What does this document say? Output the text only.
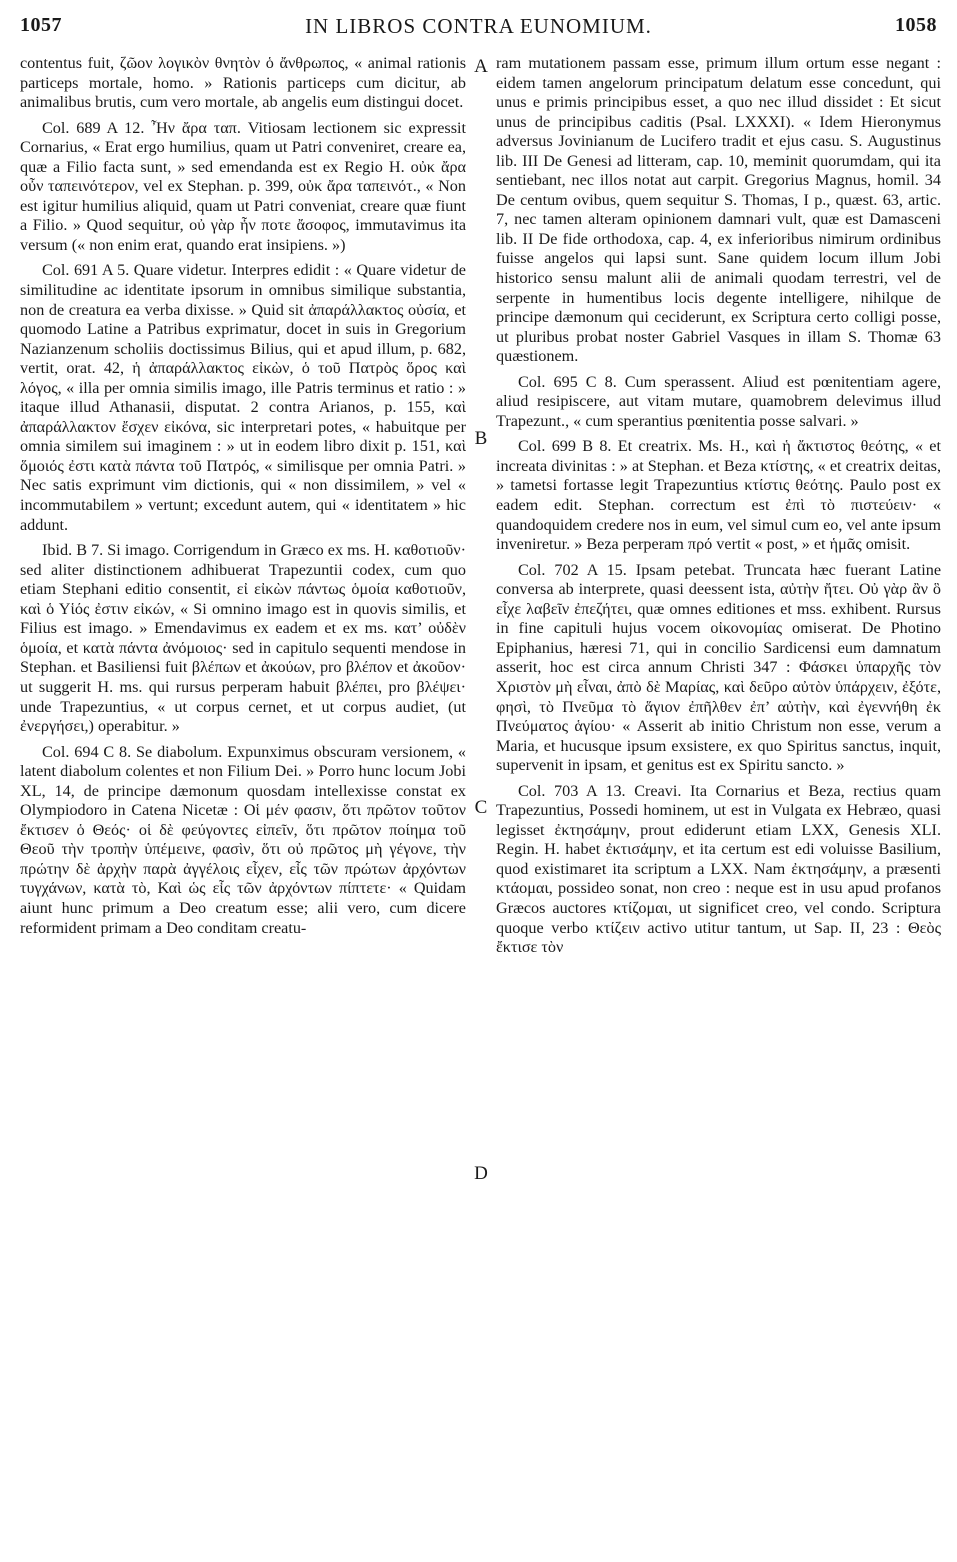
1057	IN LIBROS CONTRA EUNOMIUM.	1058

contentus fuit, ζῶον λογικὸν θνητὸν ὁ ἄνθρωπος, « animal rationis particeps mortale, homo. » Rationis particeps cum dicitur, ab animalibus brutis, cum vero mortale, ab angelis eum distingui docet.

Col. 689 A 12. Ἦν ἄρα ταπ. Vitiosam lectionem sic expressit Cornarius, « Erat ergo humilius, quam ut Patri conveniret, creare ea, quæ a Filio facta sunt, » sed emendanda est ex Regio H. οὐκ ἄρα οὖν ταπεινότερον, vel ex Stephan. p. 399, οὐκ ἄρα ταπεινότ., « Non est igitur humilius aliquid, quam ut Patri conveniat, creare quæ fiunt a Filio. » Quod sequitur, οὐ γὰρ ἦν ποτε ἄσοφος, immutavimus ita versum (« non enim erat, quando erat insipiens. »)

Col. 691 A 5. Quare videtur. Interpres edidit : « Quare videtur de similitudine ac identitate ipsorum in omnibus similique substantia, non de creatura ea verba dixisse. » Quid sit ἀπαράλλακτος οὐσία, et quomodo Latine a Patribus exprimatur, docet in suis in Gregorium Nazianzenum scholiis doctissimus Bilius, qui et apud illum, p. 682, vertit, orat. 42, ἡ ἀπαράλλακτος εἰκὼν, ὁ τοῦ Πατρὸς ὅρος καὶ λόγος, « illa per omnia similis imago, ille Patris terminus et ratio : » itaque illud Athanasii, disputat. 2 contra Arianos, p. 155, καὶ ἀπαράλλακτον ἔσχεν εἰκόνα, sic interpretari potes, « habuitque per omnia similem sui imaginem : » ut in eodem libro dixit p. 151, καὶ ὅμοιός ἐστι κατὰ πάντα τοῦ Πατρός, « similisque per omnia Patri. » Nec satis exprimunt vim dictionis, qui « non dissimilem, » vel « incommutabilem » vertunt; excedunt autem, qui « identitatem » hic addunt.

Ibid. B 7. Si imago. Corrigendum in Græco ex ms. H. καθοτιοῦν· sed aliter distinctionem adhibuerat Trapezuntii codex, cum quo etiam Stephani editio consentit, εἰ εἰκὼν πάντως ὁμοία καθοτιοῦν, καὶ ὁ Υἱός ἐστιν εἰκών, « Si omnino imago est in quovis similis, et Filius est imago. » Emendavimus ex eadem et ex ms. κατ’ οὐδὲν ὁμοία, et κατὰ πάντα ἀνόμοιος· sed in capitulo sequenti mendose in Stephan. et Basiliensi fuit βλέπων et ἀκούων, pro βλέπον et ἀκοῦον· ut suggerit H. ms. qui rursus perperam habuit βλέπει, pro βλέψει· unde Trapezuntius, « ut corpus cernet, et ut corpus audiet, (ut ἐνεργήσει,) operabitur. »

Col. 694 C 8. Se diabolum. Expunximus obscuram versionem, « latent diabolum colentes et non Filium Dei. » Porro hunc locum Jobi XL, 14, de principe dæmonum quosdam intellexisse constat ex Olympiodoro in Catena Nicetæ : Οἱ μέν φασιν, ὅτι πρῶτον τοῦτον ἔκτισεν ὁ Θεός· οἱ δὲ φεύγοντες εἰπεῖν, ὅτι πρῶτον ποίημα τοῦ Θεοῦ τὴν τροπὴν ὑπέμεινε, φασὶν, ὅτι οὐ πρῶτος μὴ γέγονε, τὴν πρώτην δὲ ἀρχὴν παρὰ ἀγγέλοις εἶχεν, εἷς τῶν πρώτων ἀρχόντων τυγχάνων, κατὰ τὸ, Καὶ ὡς εἷς τῶν ἀρχόντων πίπτετε· « Quidam aiunt hunc primum a Deo creatum esse; alii vero, cum dicere reformident primam a Deo conditam creatu-

A
B
C
D

ram mutationem passam esse, primum illum ortum esse negant : eidem tamen angelorum principatum delatum esse concedunt, qui unus e primis principibus esset, a quo nec illud dissidet : Et sicut unus de principibus caditis (Psal. LXXXI). « Idem Hieronymus adversus Jovinianum de Lucifero tradit et ejus casu. S. Augustinus lib. III De Genesi ad litteram, cap. 10, meminit quorumdam, qui ita sentiebant, nec illos notat aut carpit. Gregorius Magnus, homil. 34 De centum ovibus, quem sequitur S. Thomas, I p., quæst. 63, artic. 7, nec tamen alteram opinionem damnari vult, quæ est Damasceni lib. II De fide orthodoxa, cap. 4, ex inferioribus nimirum ordinibus fuisse angelos qui lapsi sunt. Sane quidem locum illum Jobi historico sensu malunt alii de animali quodam terrestri, vel de serpente in humentibus locis degente intelligere, nihilque de principe dæmonum qui ceciderunt, ex Scriptura certo colligi posse, ut pluribus probat noster Gabriel Vasques in illam S. Thomæ 63 quæstionem.

Col. 695 C 8. Cum sperassent. Aliud est pœnitentiam agere, aliud resipiscere, aut vitam mutare, quamobrem delevimus illud Trapezunt., « cum sperantius pœnitentia posse salvari. »

Col. 699 B 8. Et creatrix. Ms. H., καὶ ἡ ἄκτιστος θεότης, « et increata divinitas : » at Stephan. et Beza κτίστης, « et creatrix deitas, » tametsi fortasse legit Trapezuntius κτίστις θεότης. Paulo post ex eadem edit. Stephan. correctum est ἐπὶ τὸ πιστεύειν· « quandoquidem credere nos in eum, vel simul cum eo, vel ante ipsum inveniretur. » Beza perperam πρό vertit « post, » et ἡμᾶς omisit.

Col. 702 A 15. Ipsam petebat. Truncata hæc fuerant Latine conversa ab interprete, quasi deessent ista, αὐτὴν ἤτει. Οὐ γὰρ ἂν ὃ εἶχε λαβεῖν ἐπεζήτει, quæ omnes editiones et mss. exhibent. Rursus in fine capituli hujus vocem οἰκονομίας omiserat. De Photino Epiphanius, hæresi 71, qui in concilio Sardicensi eum damnatum asserit, hoc est circa annum Christi 347 : Φάσκει ὑπαρχῆς τὸν Χριστὸν μὴ εἶναι, ἀπὸ δὲ Μαρίας, καὶ δεῦρο αὐτὸν ὑπάρχειν, ἐξότε, φησὶ, τὸ Πνεῦμα τὸ ἅγιον ἐπῆλθεν ἐπ’ αὐτὴν, καὶ ἐγεννήθη ἐκ Πνεύματος ἁγίου· « Asserit ab initio Christum non esse, verum a Maria, et hucusque ipsum exsistere, ex quo Spiritus sanctus, inquit, supervenit in ipsam, et genitus est ex Spiritu sancto. »

Col. 703 A 13. Creavi. Ita Cornarius et Beza, rectius quam Trapezuntius, Possedi hominem, ut est in Vulgata ex Hebræo, quasi legisset ἐκτησάμην, prout ediderunt etiam LXX, Genesis XLI. Regin. H. habet ἐκτισάμην, et ita certum est edi voluisse Basilium, quod existimaret ita scriptum a LXX. Nam ἐκτησάμην, a præsenti κτάομαι, possideo sonat, non creo : neque est in usu apud profanos Græcos auctores κτίζομαι, ut significet creo, vel condo. Scriptura quoque verbo κτίζειν activo utitur tantum, ut Sap. II, 23 : Θεὸς ἔκτισε τὸν
